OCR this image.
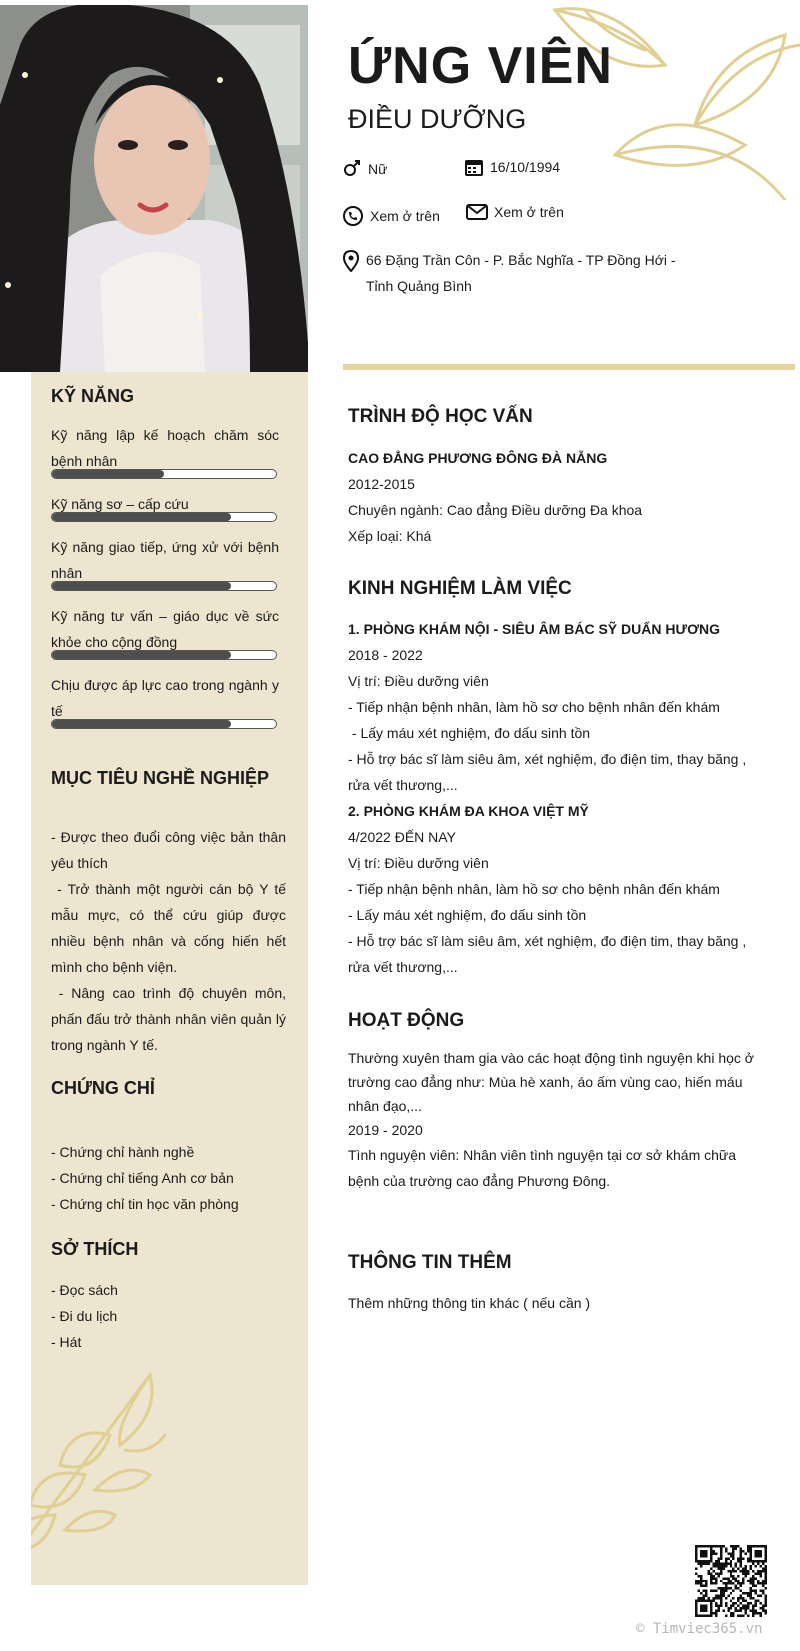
ỨNG VIÊN
ĐIỀU DƯỠNG
Nữ	16/10/1994
Xem ở trên	Xem ở trên
66 Đặng Trần Côn - P. Bắc Nghĩa - TP Đồng Hới - Tỉnh Quảng Bình
KỸ NĂNG
Kỹ năng lập kế hoạch chăm sóc bệnh nhân
Kỹ năng sơ – cấp cứu
Kỹ năng giao tiếp, ứng xử với bệnh nhân
Kỹ năng tư vấn – giáo dục về sức khỏe cho cộng đồng
Chịu được áp lực cao trong ngành y tế
MỤC TIÊU NGHỀ NGHIỆP
- Được theo đuổi công việc bản thân yêu thích
- Trở thành một người cán bộ Y tế mẫu mực, có thể cứu giúp được nhiều bệnh nhân và cống hiến hết mình cho bệnh viện.
- Nâng cao trình độ chuyên môn, phấn đấu trở thành nhân viên quản lý trong ngành Y tế.
CHỨNG CHỈ
- Chứng chỉ hành nghề
- Chứng chỉ tiếng Anh cơ bản
- Chứng chỉ tin học văn phòng
SỞ THÍCH
- Đọc sách
- Đi du lịch
- Hát
TRÌNH ĐỘ HỌC VẤN

CAO ĐẲNG PHƯƠNG ĐÔNG ĐÀ NẴNG

2012-2015

Chuyên ngành: Cao đẳng Điều dưỡng Đa khoa

Xếp loại: Khá

KINH NGHIỆM LÀM VIỆC

1. PHÒNG KHÁM NỘI - SIÊU ÂM BÁC SỸ DUẨN HƯƠNG

2018 - 2022

Vị trí: Điều dưỡng viên

- Tiếp nhận bệnh nhân, làm hồ sơ cho bệnh nhân đến khám

- Lấy máu xét nghiệm, đo dấu sinh tồn

- Hỗ trợ bác sĩ làm siêu âm, xét nghiệm, đo điện tim, thay băng , rửa vết thương,...

2. PHÒNG KHÁM ĐA KHOA VIỆT MỸ

4/2022 ĐẾN NAY

Vị trí: Điều dưỡng viên

- Tiếp nhận bệnh nhân, làm hồ sơ cho bệnh nhân đến khám

- Lấy máu xét nghiệm, đo dấu sinh tồn

- Hỗ trợ bác sĩ làm siêu âm, xét nghiệm, đo điện tim, thay băng , rửa vết thương,...

HOẠT ĐỘNG

Thường xuyên tham gia vào các hoạt động tình nguyện khi học ở trường cao đẳng như: Mùa hè xanh, áo ấm vùng cao, hiến máu nhân đạo,...

2019 - 2020

Tình nguyện viên: Nhân viên tình nguyện tại cơ sở khám chữa bệnh của trường cao đẳng Phương Đông.

THÔNG TIN THÊM
Thêm những thông tin khác ( nếu cần )
© Timviec365.vn
